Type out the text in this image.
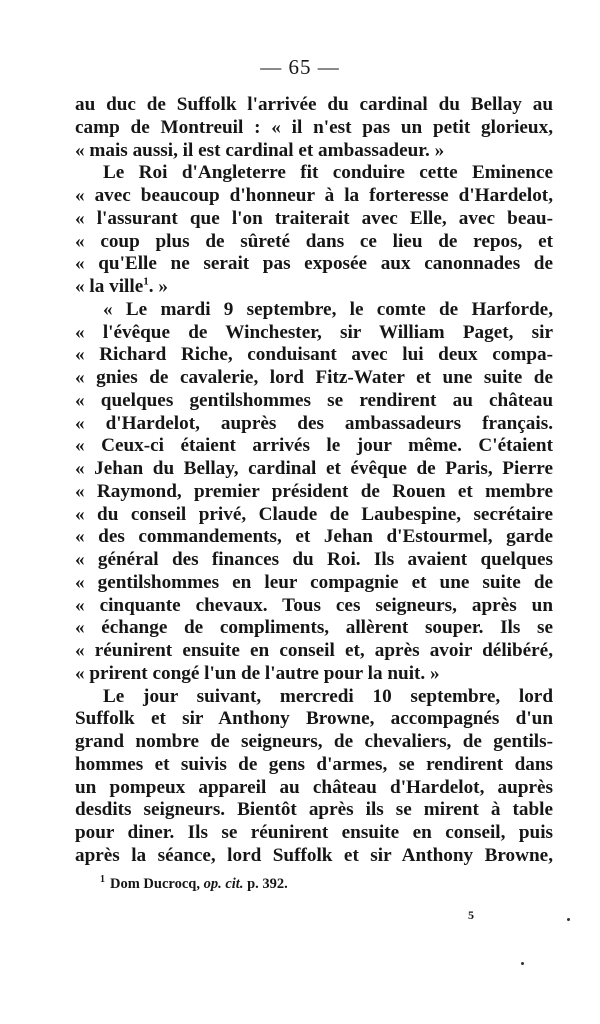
— 65 —
au duc de Suffolk l'arrivée du cardinal du Bellay au
camp de Montreuil : « il n'est pas un petit glorieux,
« mais aussi, il est cardinal et ambassadeur. »
Le Roi d'Angleterre fit conduire cette Eminence
« avec beaucoup d'honneur à la forteresse d'Hardelot,
« l'assurant que l'on traiterait avec Elle, avec beau-
« coup plus de sûreté dans ce lieu de repos, et
« qu'Elle ne serait pas exposée aux canonnades de
« la ville$^1$. »
« Le mardi 9 septembre, le comte de Harforde,
« l'évêque de Winchester, sir William Paget, sir
« Richard Riche, conduisant avec lui deux compa-
« gnies de cavalerie, lord Fitz-Water et une suite de
« quelques gentilshommes se rendirent au château
« d'Hardelot, auprès des ambassadeurs français.
« Ceux-ci étaient arrivés le jour même. C'étaient
« Jehan du Bellay, cardinal et évêque de Paris, Pierre
« Raymond, premier président de Rouen et membre
« du conseil privé, Claude de Laubespine, secrétaire
« des commandements, et Jehan d'Estourmel, garde
« général des finances du Roi. Ils avaient quelques
« gentilshommes en leur compagnie et une suite de
« cinquante chevaux. Tous ces seigneurs, après un
« échange de compliments, allèrent souper. Ils se
« réunirent ensuite en conseil et, après avoir délibéré,
« prirent congé l'un de l'autre pour la nuit. »
Le jour suivant, mercredi 10 septembre, lord
Suffolk et sir Anthony Browne, accompagnés d'un
grand nombre de seigneurs, de chevaliers, de gentils-
hommes et suivis de gens d'armes, se rendirent dans
un pompeux appareil au château d'Hardelot, auprès
desdits seigneurs. Bientôt après ils se mirent à table
pour diner. Ils se réunirent ensuite en conseil, puis
après la séance, lord Suffolk et sir Anthony Browne,
$^1$ Dom Ducrocq, op. cit. p. 392.
5
